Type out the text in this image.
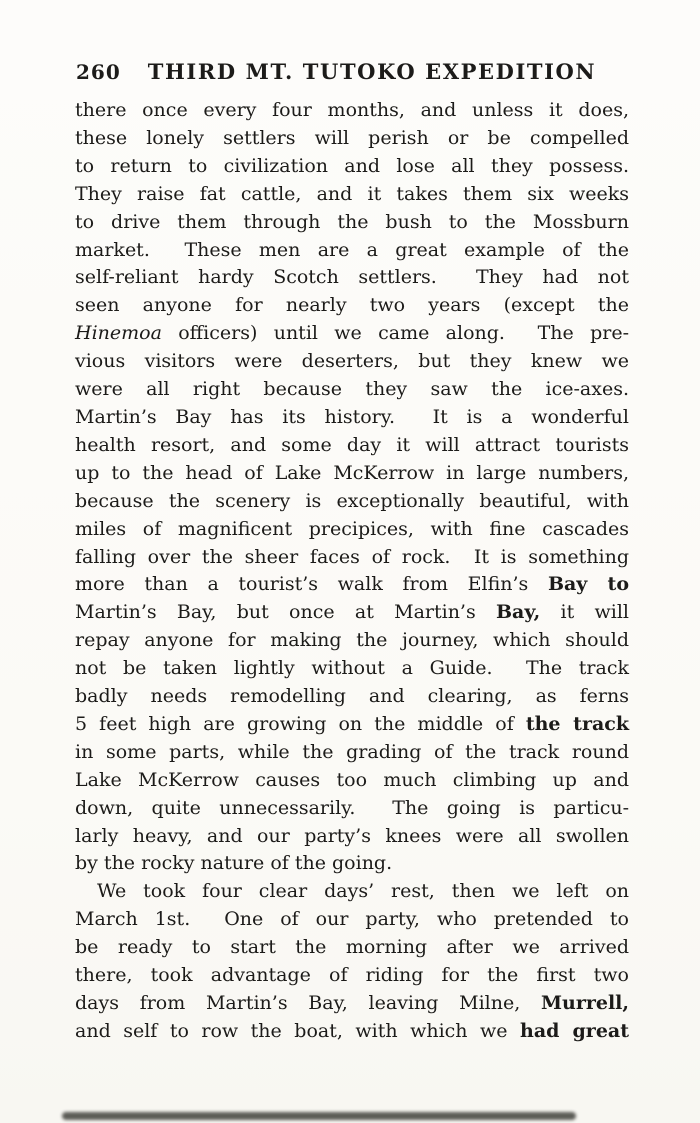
260 THIRD MT. TUTOKO EXPEDITION
there once every four months, and unless it does,
these lonely settlers will perish or be compelled
to return to civilization and lose all they possess.
They raise fat cattle, and it takes them six weeks
to drive them through the bush to the Mossburn
market.  These men are a great example of the
self-reliant hardy Scotch settlers.  They had not
seen anyone for nearly two years (except the
Hinemoa officers) until we came along.  The pre-
vious visitors were deserters, but they knew we
were all right because they saw the ice-axes.
Martin’s Bay has its history.  It is a wonderful
health resort, and some day it will attract tourists
up to the head of Lake McKerrow in large numbers,
because the scenery is exceptionally beautiful, with
miles of magnificent precipices, with fine cascades
falling over the sheer faces of rock.  It is something
more than a tourist’s walk from Elfin’s Bay to
Martin’s Bay, but once at Martin’s Bay, it will
repay anyone for making the journey, which should
not be taken lightly without a Guide.  The track
badly needs remodelling and clearing, as ferns
5 feet high are growing on the middle of the track
in some parts, while the grading of the track round
Lake McKerrow causes too much climbing up and
down, quite unnecessarily.  The going is particu-
larly heavy, and our party’s knees were all swollen
by the rocky nature of the going.
We took four clear days’ rest, then we left on
March 1st.  One of our party, who pretended to
be ready to start the morning after we arrived
there, took advantage of riding for the first two
days from Martin’s Bay, leaving Milne, Murrell,
and self to row the boat, with which we had great
